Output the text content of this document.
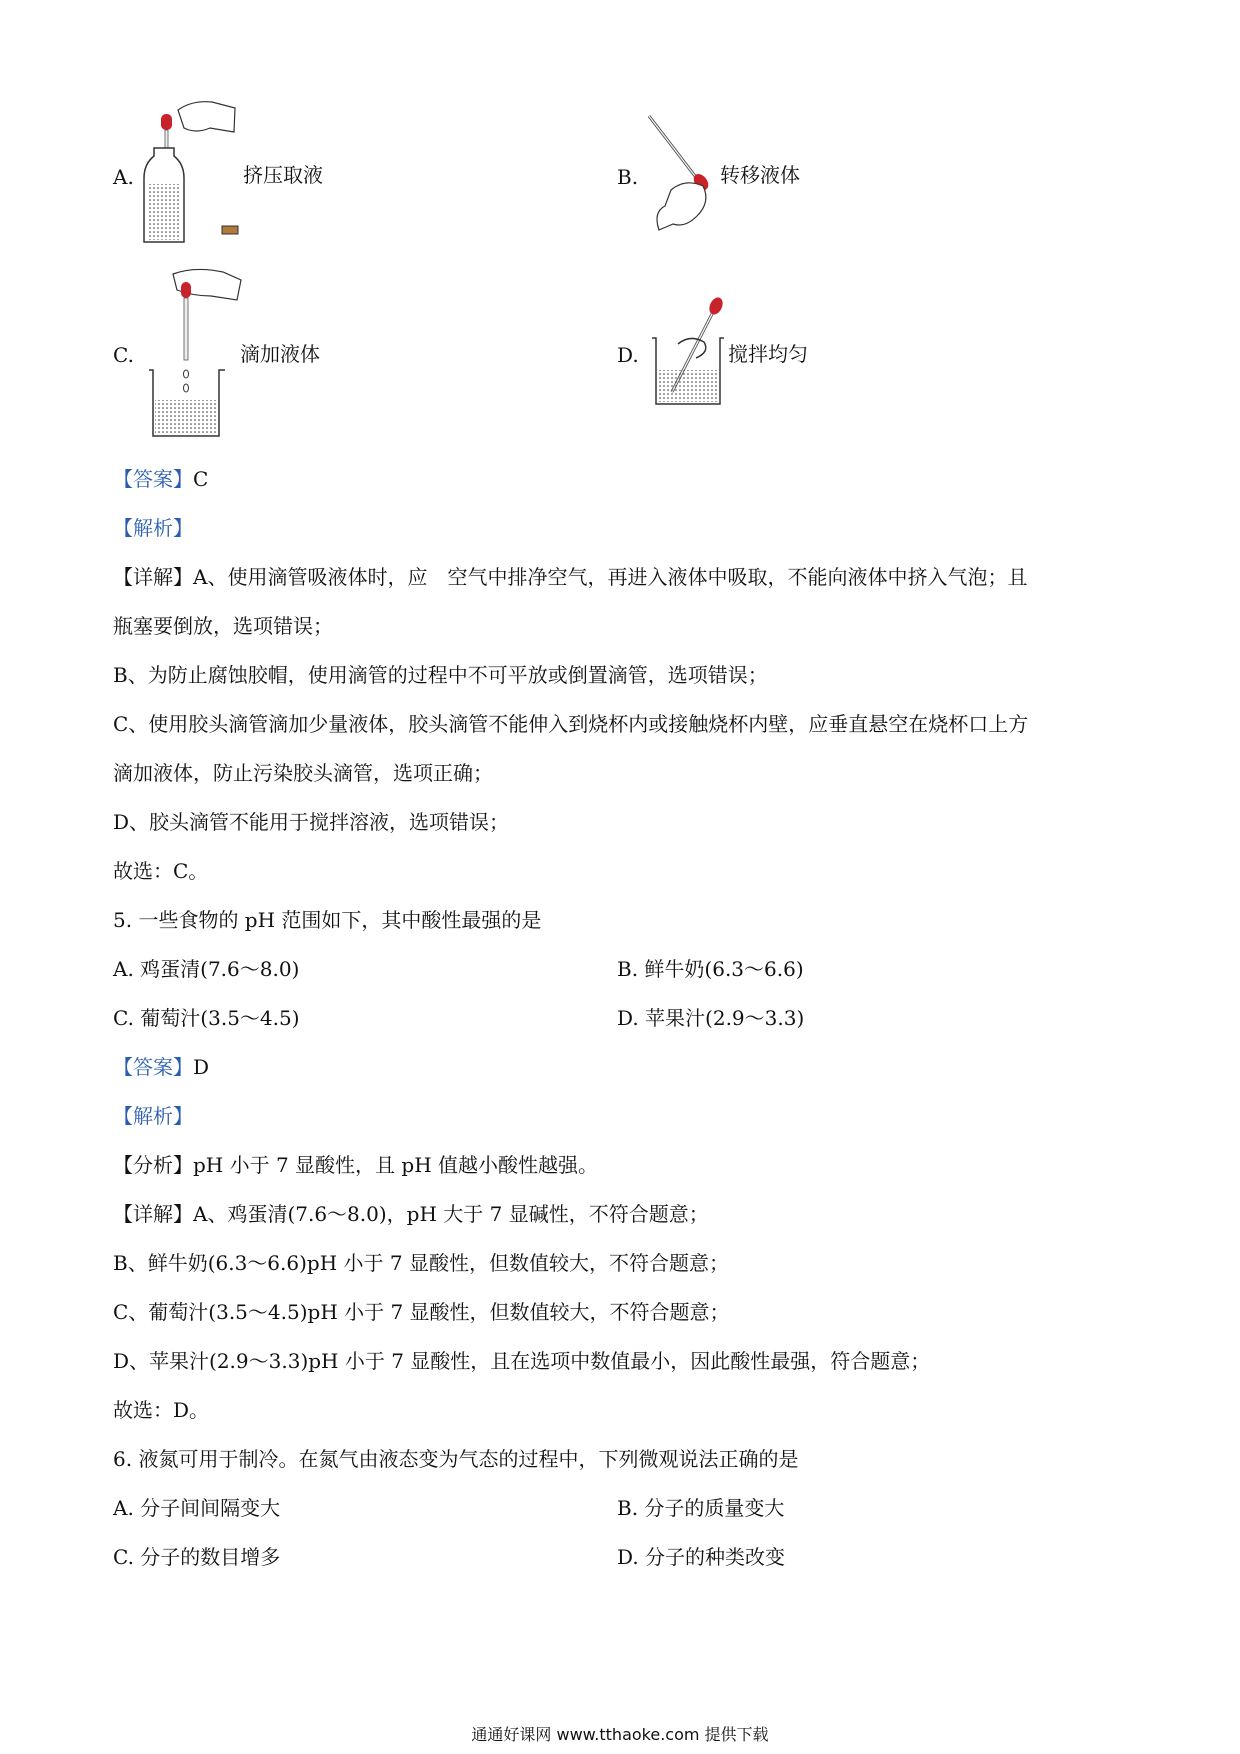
A.	挤压取液	B.	转移液体
C.	滴加液体	D.	搅拌均匀
【答案】C
【解析】
【详解】A、使用滴管吸液体时，应　空气中排净空气，再进入液体中吸取，不能向液体中挤入气泡；且
瓶塞要倒放，选项错误；
B、为防止腐蚀胶帽，使用滴管的过程中不可平放或倒置滴管，选项错误；
C、使用胶头滴管滴加少量液体，胶头滴管不能伸入到烧杯内或接触烧杯内壁，应垂直悬空在烧杯口上方
滴加液体，防止污染胶头滴管，选项正确；
D、胶头滴管不能用于搅拌溶液，选项错误；
故选：C。
5. 一些食物的 pH 范围如下，其中酸性最强的是
A. 鸡蛋清(7.6～8.0)	B. 鲜牛奶(6.3～6.6)
C. 葡萄汁(3.5～4.5)	D. 苹果汁(2.9～3.3)
【答案】D
【解析】
【分析】pH 小于 7 显酸性，且 pH 值越小酸性越强。
【详解】A、鸡蛋清(7.6～8.0)，pH 大于 7 显碱性，不符合题意；
B、鲜牛奶(6.3～6.6)pH 小于 7 显酸性，但数值较大，不符合题意；
C、葡萄汁(3.5～4.5)pH 小于 7 显酸性，但数值较大，不符合题意；
D、苹果汁(2.9～3.3)pH 小于 7 显酸性，且在选项中数值最小，因此酸性最强，符合题意；
故选：D。
6. 液氮可用于制冷。在氮气由液态变为气态的过程中，下列微观说法正确的是
A. 分子间间隔变大	B. 分子的质量变大
C. 分子的数目增多	D. 分子的种类改变
通通好课网 www.tthaoke.com 提供下载
